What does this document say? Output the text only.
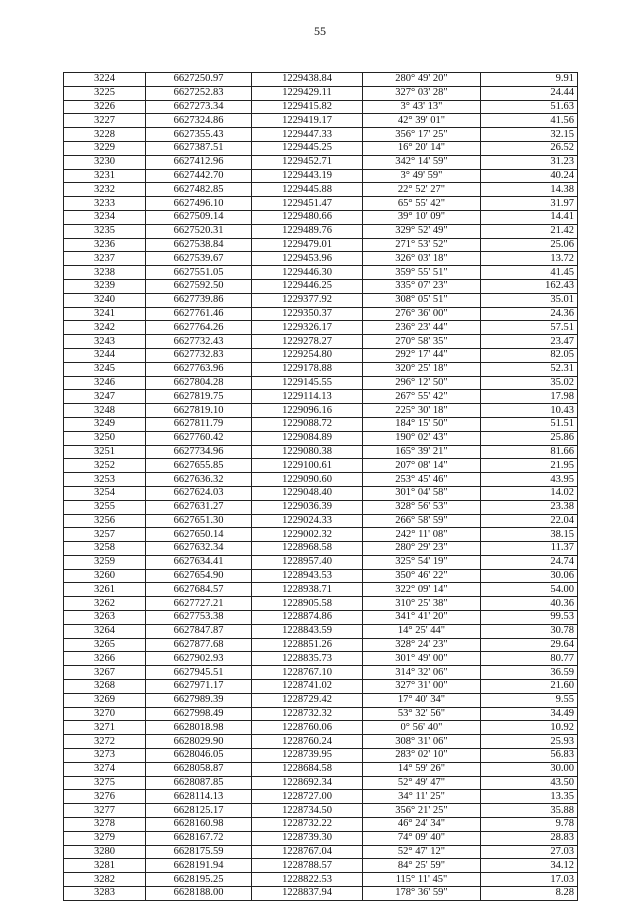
55
3224	6627250.97	1229438.84	280° 49' 20"	9.91
3225	6627252.83	1229429.11	327° 03' 28"	24.44
3226	6627273.34	1229415.82	3° 43' 13"	51.63
3227	6627324.86	1229419.17	42° 39' 01"	41.56
3228	6627355.43	1229447.33	356° 17' 25"	32.15
3229	6627387.51	1229445.25	16° 20' 14"	26.52
3230	6627412.96	1229452.71	342° 14' 59"	31.23
3231	6627442.70	1229443.19	3° 49' 59"	40.24
3232	6627482.85	1229445.88	22° 52' 27"	14.38
3233	6627496.10	1229451.47	65° 55' 42"	31.97
3234	6627509.14	1229480.66	39° 10' 09"	14.41
3235	6627520.31	1229489.76	329° 52' 49"	21.42
3236	6627538.84	1229479.01	271° 53' 52"	25.06
3237	6627539.67	1229453.96	326° 03' 18"	13.72
3238	6627551.05	1229446.30	359° 55' 51"	41.45
3239	6627592.50	1229446.25	335° 07' 23"	162.43
3240	6627739.86	1229377.92	308° 05' 51"	35.01
3241	6627761.46	1229350.37	276° 36' 00"	24.36
3242	6627764.26	1229326.17	236° 23' 44"	57.51
3243	6627732.43	1229278.27	270° 58' 35"	23.47
3244	6627732.83	1229254.80	292° 17' 44"	82.05
3245	6627763.96	1229178.88	320° 25' 18"	52.31
3246	6627804.28	1229145.55	296° 12' 50"	35.02
3247	6627819.75	1229114.13	267° 55' 42"	17.98
3248	6627819.10	1229096.16	225° 30' 18"	10.43
3249	6627811.79	1229088.72	184° 15' 50"	51.51
3250	6627760.42	1229084.89	190° 02' 43"	25.86
3251	6627734.96	1229080.38	165° 39' 21"	81.66
3252	6627655.85	1229100.61	207° 08' 14"	21.95
3253	6627636.32	1229090.60	253° 45' 46"	43.95
3254	6627624.03	1229048.40	301° 04' 58"	14.02
3255	6627631.27	1229036.39	328° 56' 53"	23.38
3256	6627651.30	1229024.33	266° 58' 59"	22.04
3257	6627650.14	1229002.32	242° 11' 08"	38.15
3258	6627632.34	1228968.58	280° 29' 23"	11.37
3259	6627634.41	1228957.40	325° 54' 19"	24.74
3260	6627654.90	1228943.53	350° 46' 22"	30.06
3261	6627684.57	1228938.71	322° 09' 14"	54.00
3262	6627727.21	1228905.58	310° 25' 38"	40.36
3263	6627753.38	1228874.86	341° 41' 20"	99.53
3264	6627847.87	1228843.59	14° 25' 44"	30.78
3265	6627877.68	1228851.26	328° 24' 23"	29.64
3266	6627902.93	1228835.73	301° 49' 00"	80.77
3267	6627945.51	1228767.10	314° 32' 06"	36.59
3268	6627971.17	1228741.02	327° 31' 00"	21.60
3269	6627989.39	1228729.42	17° 40' 34"	9.55
3270	6627998.49	1228732.32	53° 32' 56"	34.49
3271	6628018.98	1228760.06	0° 56' 40"	10.92
3272	6628029.90	1228760.24	308° 31' 06"	25.93
3273	6628046.05	1228739.95	283° 02' 10"	56.83
3274	6628058.87	1228684.58	14° 59' 26"	30.00
3275	6628087.85	1228692.34	52° 49' 47"	43.50
3276	6628114.13	1228727.00	34° 11' 25"	13.35
3277	6628125.17	1228734.50	356° 21' 25"	35.88
3278	6628160.98	1228732.22	46° 24' 34"	9.78
3279	6628167.72	1228739.30	74° 09' 40"	28.83
3280	6628175.59	1228767.04	52° 47' 12"	27.03
3281	6628191.94	1228788.57	84° 25' 59"	34.12
3282	6628195.25	1228822.53	115° 11' 45"	17.03
3283	6628188.00	1228837.94	178° 36' 59"	8.28
